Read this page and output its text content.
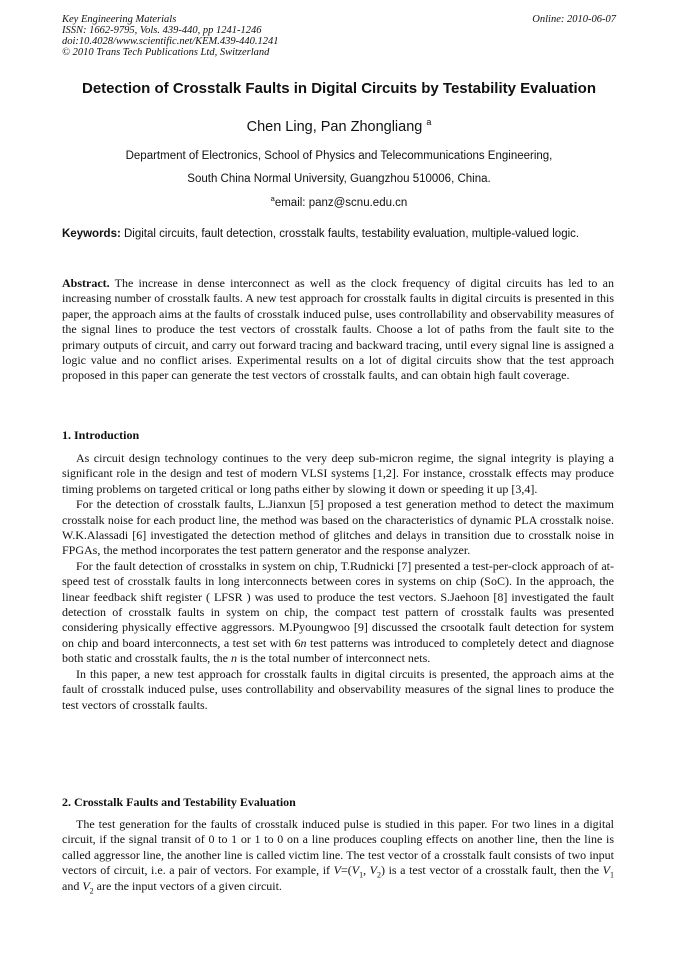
Key Engineering Materials
ISSN: 1662-9795, Vols. 439-440, pp 1241-1246
doi:10.4028/www.scientific.net/KEM.439-440.1241
© 2010 Trans Tech Publications Ltd, Switzerland
Online: 2010-06-07
Detection of Crosstalk Faults in Digital Circuits by Testability Evaluation
Chen Ling, Pan Zhongliang $^a$
Department of Electronics, School of Physics and Telecommunications Engineering,
South China Normal University, Guangzhou 510006, China.
$^a$email: panz@scnu.edu.cn
Keywords: Digital circuits, fault detection, crosstalk faults, testability evaluation, multiple-valued logic.
Abstract. The increase in dense interconnect as well as the clock frequency of digital circuits has led to an increasing number of crosstalk faults. A new test approach for crosstalk faults in digital circuits is presented in this paper, the approach aims at the faults of crosstalk induced pulse, uses controllability and observability measures of the signal lines to produce the test vectors of crosstalk faults. Choose a lot of paths from the fault site to the primary outputs of circuit, and carry out forward tracing and backward tracing, until every signal line is assigned a logic value and no conflict arises. Experimental results on a lot of digital circuits show that the test approach proposed in this paper can generate the test vectors of crosstalk faults, and can obtain high fault coverage.
1. Introduction

As circuit design technology continues to the very deep sub-micron regime, the signal integrity is playing a significant role in the design and test of modern VLSI systems [1,2]. For instance, crosstalk effects may produce timing problems on targeted critical or long paths either by slowing it down or speeding it up [3,4].

For the detection of crosstalk faults, L.Jianxun [5] proposed a test generation method to detect the maximum crosstalk noise for each product line, the method was based on the characteristics of dynamic PLA crosstalk noise. W.K.Alassadi [6] investigated the detection method of glitches and delays in transition due to crosstalk noise in FPGAs, the method incorporates the test pattern generator and the response analyzer.

For the fault detection of crosstalks in system on chip, T.Rudnicki [7] presented a test-per-clock approach of at-speed test of crosstalk faults in long interconnects between cores in systems on chip (SoC). In the approach, the linear feedback shift register ( LFSR ) was used to produce the test vectors. S.Jaehoon [8] investigated the fault detection of crosstalk faults in system on chip, the compact test pattern of crosstalk faults was presented considering physically effective aggressors. M.Pyoungwoo [9] discussed the crsootalk fault detection for system on chip and board interconnects, a test set with 6n test patterns was introduced to completely detect and diagnose both static and crosstalk faults, the n is the total number of interconnect nets.

In this paper, a new test approach for crosstalk faults in digital circuits is presented, the approach aims at the fault of crosstalk induced pulse, uses controllability and observability measures of the signal lines to produce the test vectors of crosstalk faults.

2. Crosstalk Faults and Testability Evaluation

The test generation for the faults of crosstalk induced pulse is studied in this paper. For two lines in a digital circuit, if the signal transit of 0 to 1 or 1 to 0 on a line produces coupling effects on another line, then the line is called aggressor line, the another line is called victim line. The test vector of a crosstalk fault consists of two input vectors of circuit, i.e. a pair of vectors. For example, if $V=(V_1$, $V_2$) is a test vector of a crosstalk fault, then the $V_1$ and $V_2$ are the input vectors of a given circuit.
